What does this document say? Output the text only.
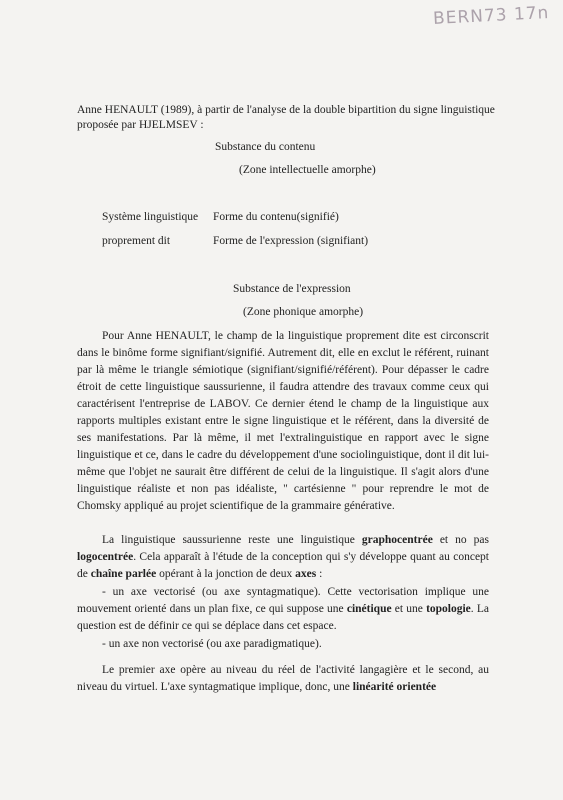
BERN73 17n
Anne HENAULT (1989), à partir de l'analyse de la double bipartition du signe linguistique proposée par HJELMSEV :
Substance du contenu
(Zone intellectuelle amorphe)
Système linguistique Forme du contenu(signifié)
proprement dit	Forme de l'expression (signifiant)
Substance de l'expression
(Zone phonique amorphe)

Pour Anne HENAULT, le champ de la linguistique proprement dite est circonscrit dans le binôme forme signifiant/signifié. Autrement dit, elle en exclut le référent, ruinant par là même le triangle sémiotique (signifiant/signifié/référent). Pour dépasser le cadre étroit de cette linguistique saussurienne, il faudra attendre des travaux comme ceux qui caractérisent l'entreprise de LABOV. Ce dernier étend le champ de la linguistique aux rapports multiples existant entre le signe linguistique et le référent, dans la diversité de ses manifestations. Par là même, il met l'extralinguistique en rapport avec le signe linguistique et ce, dans le cadre du développement d'une sociolinguistique, dont il dit lui-même que l'objet ne saurait être différent de celui de la linguistique. Il s'agit alors d'une linguistique réaliste et non pas idéaliste, " cartésienne " pour reprendre le mot de Chomsky appliqué au projet scientifique de la grammaire générative.

La linguistique saussurienne reste une linguistique graphocentrée et no pas logocentrée. Cela apparaît à l'étude de la conception qui s'y développe quant au concept de chaîne parlée opérant à la jonction de deux axes :

- un axe vectorisé (ou axe syntagmatique). Cette vectorisation implique une mouvement orienté dans un plan fixe, ce qui suppose une cinétique et une topologie. La question est de définir ce qui se déplace dans cet espace.

- un axe non vectorisé (ou axe paradigmatique).

Le premier axe opère au niveau du réel de l'activité langagière et le second, au niveau du virtuel. L'axe syntagmatique implique, donc, une linéarité orientée
